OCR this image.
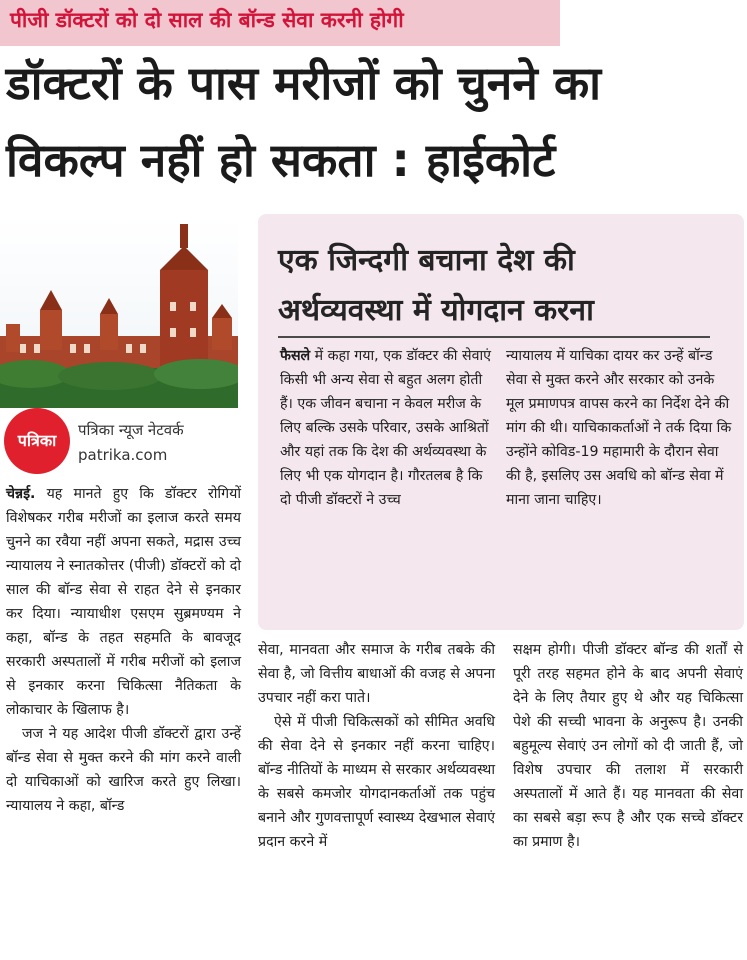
पीजी डॉक्टरों को दो साल की बॉन्ड सेवा करनी होगी
डॉक्टरों के पास मरीजों को चुनने का
विकल्प नहीं हो सकता : हाईकोर्ट
पत्रिका
पत्रिका न्यूज नेटवर्क
patrika.com

चेन्नई. यह मानते हुए कि डॉक्टर रोगियों विशेषकर गरीब मरीजों का इलाज करते समय चुनने का रवैया नहीं अपना सकते, मद्रास उच्च न्यायालय ने स्नातकोत्तर (पीजी) डॉक्टरों को दो साल की बॉन्ड सेवा से राहत देने से इनकार कर दिया। न्यायाधीश एसएम सुब्रमण्यम ने कहा, बॉन्ड के तहत सहमति के बावजूद सरकारी अस्पतालों में गरीब मरीजों को इलाज से इनकार करना चिकित्सा नैतिकता के लोकाचार के खिलाफ है।

जज ने यह आदेश पीजी डॉक्टरों द्वारा उन्हें बॉन्ड सेवा से मुक्त करने की मांग करने वाली दो याचिकाओं को खारिज करते हुए लिखा। न्यायालय ने कहा, बॉन्ड

एक जिन्दगी बचाना देश की
अर्थव्यवस्था में योगदान करना
फैसले में कहा गया, एक डॉक्टर की सेवाएं किसी भी अन्य सेवा से बहुत अलग होती हैं। एक जीवन बचाना न केवल मरीज के लिए बल्कि उसके परिवार, उसके आश्रितों और यहां तक कि देश की अर्थव्यवस्था के लिए भी एक योगदान है। गौरतलब है कि दो पीजी डॉक्टरों ने उच्च
न्यायालय में याचिका दायर कर उन्हें बॉन्ड सेवा से मुक्त करने और सरकार को उनके मूल प्रमाणपत्र वापस करने का निर्देश देने की मांग की थी। याचिकाकर्ताओं ने तर्क दिया कि उन्होंने कोविड-19 महामारी के दौरान सेवा की है, इसलिए उस अवधि को बॉन्ड सेवा में माना जाना चाहिए।

सेवा, मानवता और समाज के गरीब तबके की सेवा है, जो वित्तीय बाधाओं की वजह से अपना उपचार नहीं करा पाते।

ऐसे में पीजी चिकित्सकों को सीमित अवधि की सेवा देने से इनकार नहीं करना चाहिए। बॉन्ड नीतियों के माध्यम से सरकार अर्थव्यवस्था के सबसे कमजोर योगदानकर्ताओं तक पहुंच बनाने और गुणवत्तापूर्ण स्वास्थ्य देखभाल सेवाएं प्रदान करने में

सक्षम होगी। पीजी डॉक्टर बॉन्ड की शर्तों से पूरी तरह सहमत होने के बाद अपनी सेवाएं देने के लिए तैयार हुए थे और यह चिकित्सा पेशे की सच्ची भावना के अनुरूप है। उनकी बहुमूल्य सेवाएं उन लोगों को दी जाती हैं, जो विशेष उपचार की तलाश में सरकारी अस्पतालों में आते हैं। यह मानवता की सेवा का सबसे बड़ा रूप है और एक सच्चे डॉक्टर का प्रमाण है।
